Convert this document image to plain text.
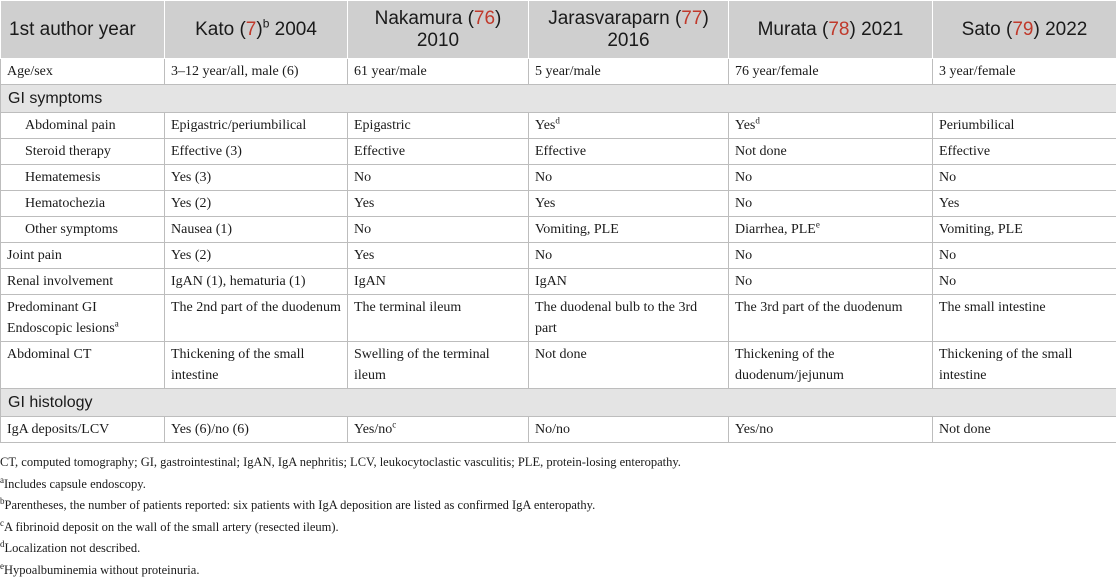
1st author year	Kato $(7)^b$ 2004	Nakamura (76) 2010	Jarasvaraparn (77) 2016	Murata (78) 2021	Sato (79) 2022
Age/sex	3–12 year/all, male (6)	61 year/male	5 year/male	76 year/female	3 year/female
GI symptoms					
Abdominal pain	Epigastric/periumbilical	Epigastric	Yes$^d$	Yes$^d$	Periumbilical
Steroid therapy	Effective (3)	Effective	Effective	Not done	Effective
Hematemesis	Yes (3)	No	No	No	No
Hematochezia	Yes (2)	Yes	Yes	No	Yes
Other symptoms	Nausea (1)	No	Vomiting, PLE	Diarrhea, PLE$^e$	Vomiting, PLE
Joint pain	Yes (2)	Yes	No	No	No
Renal involvement	IgAN (1), hematuria (1)	IgAN	IgAN	No	No
Predominant GI Endoscopic lesions$^a$	The 2nd part of the duodenum	The terminal ileum	The duodenal bulb to the 3rd part	The 3rd part of the duodenum	The small intestine
Abdominal CT	Thickening of the small intestine	Swelling of the terminal ileum	Not done	Thickening of the duodenum/jejunum	Thickening of the small intestine
GI histology					
IgA deposits/LCV	Yes (6)/no (6)	Yes/$no^c$	No/no	Yes/no	Not done
CT, computed tomography; GI, gastrointestinal; IgAN, IgA nephritis; LCV, leukocytoclastic vasculitis; PLE, protein-losing enteropathy.
$^a$Includes capsule endoscopy.
$^b$Parentheses, the number of patients reported: six patients with IgA deposition are listed as confirmed IgA enteropathy.
$^c$A fibrinoid deposit on the wall of the small artery (resected ileum).
$^d$Localization not described.
$^e$Hypoalbuminemia without proteinuria.
